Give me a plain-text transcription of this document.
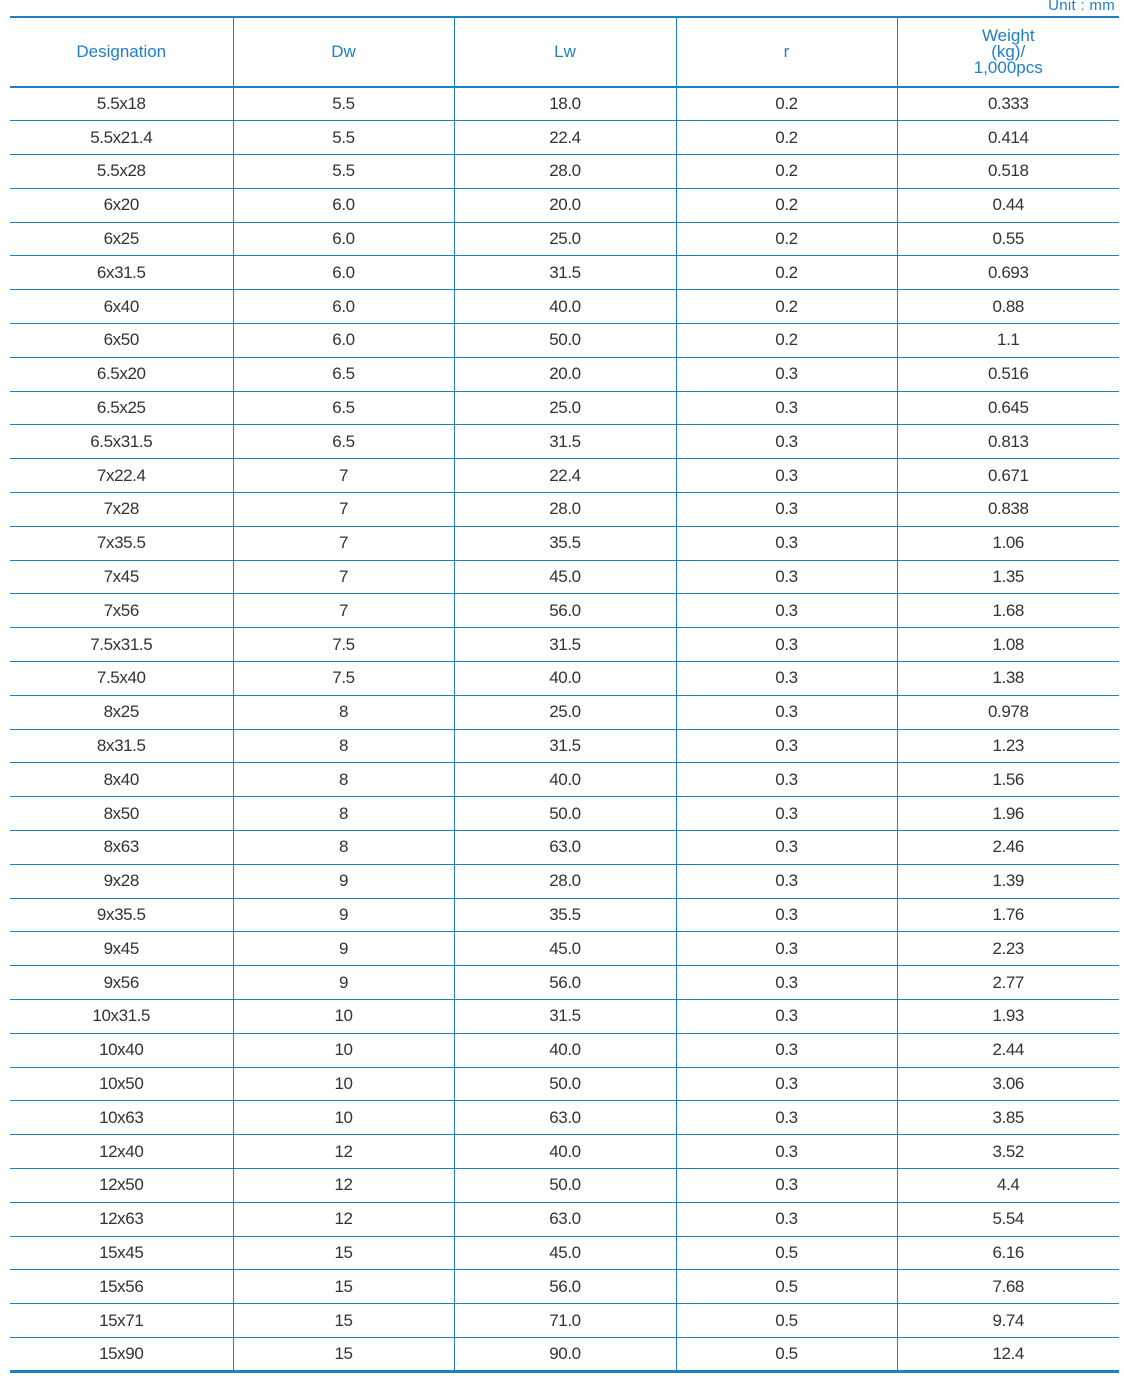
Unit : mm
Designation	Dw	Lw	r	Weight
(kg)/
1,000pcs

5.5x18	5.5	18.0	0.2	0.333
5.5x21.4	5.5	22.4	0.2	0.414
5.5x28	5.5	28.0	0.2	0.518
6x20	6.0	20.0	0.2	0.44
6x25	6.0	25.0	0.2	0.55
6x31.5	6.0	31.5	0.2	0.693
6x40	6.0	40.0	0.2	0.88
6x50	6.0	50.0	0.2	1.1
6.5x20	6.5	20.0	0.3	0.516
6.5x25	6.5	25.0	0.3	0.645
6.5x31.5	6.5	31.5	0.3	0.813
7x22.4	7	22.4	0.3	0.671
7x28	7	28.0	0.3	0.838
7x35.5	7	35.5	0.3	1.06
7x45	7	45.0	0.3	1.35
7x56	7	56.0	0.3	1.68
7.5x31.5	7.5	31.5	0.3	1.08
7.5x40	7.5	40.0	0.3	1.38
8x25	8	25.0	0.3	0.978
8x31.5	8	31.5	0.3	1.23
8x40	8	40.0	0.3	1.56
8x50	8	50.0	0.3	1.96
8x63	8	63.0	0.3	2.46
9x28	9	28.0	0.3	1.39
9x35.5	9	35.5	0.3	1.76
9x45	9	45.0	0.3	2.23
9x56	9	56.0	0.3	2.77
10x31.5	10	31.5	0.3	1.93
10x40	10	40.0	0.3	2.44
10x50	10	50.0	0.3	3.06
10x63	10	63.0	0.3	3.85
12x40	12	40.0	0.3	3.52
12x50	12	50.0	0.3	4.4
12x63	12	63.0	0.3	5.54
15x45	15	45.0	0.5	6.16
15x56	15	56.0	0.5	7.68
15x71	15	71.0	0.5	9.74
15x90	15	90.0	0.5	12.4
